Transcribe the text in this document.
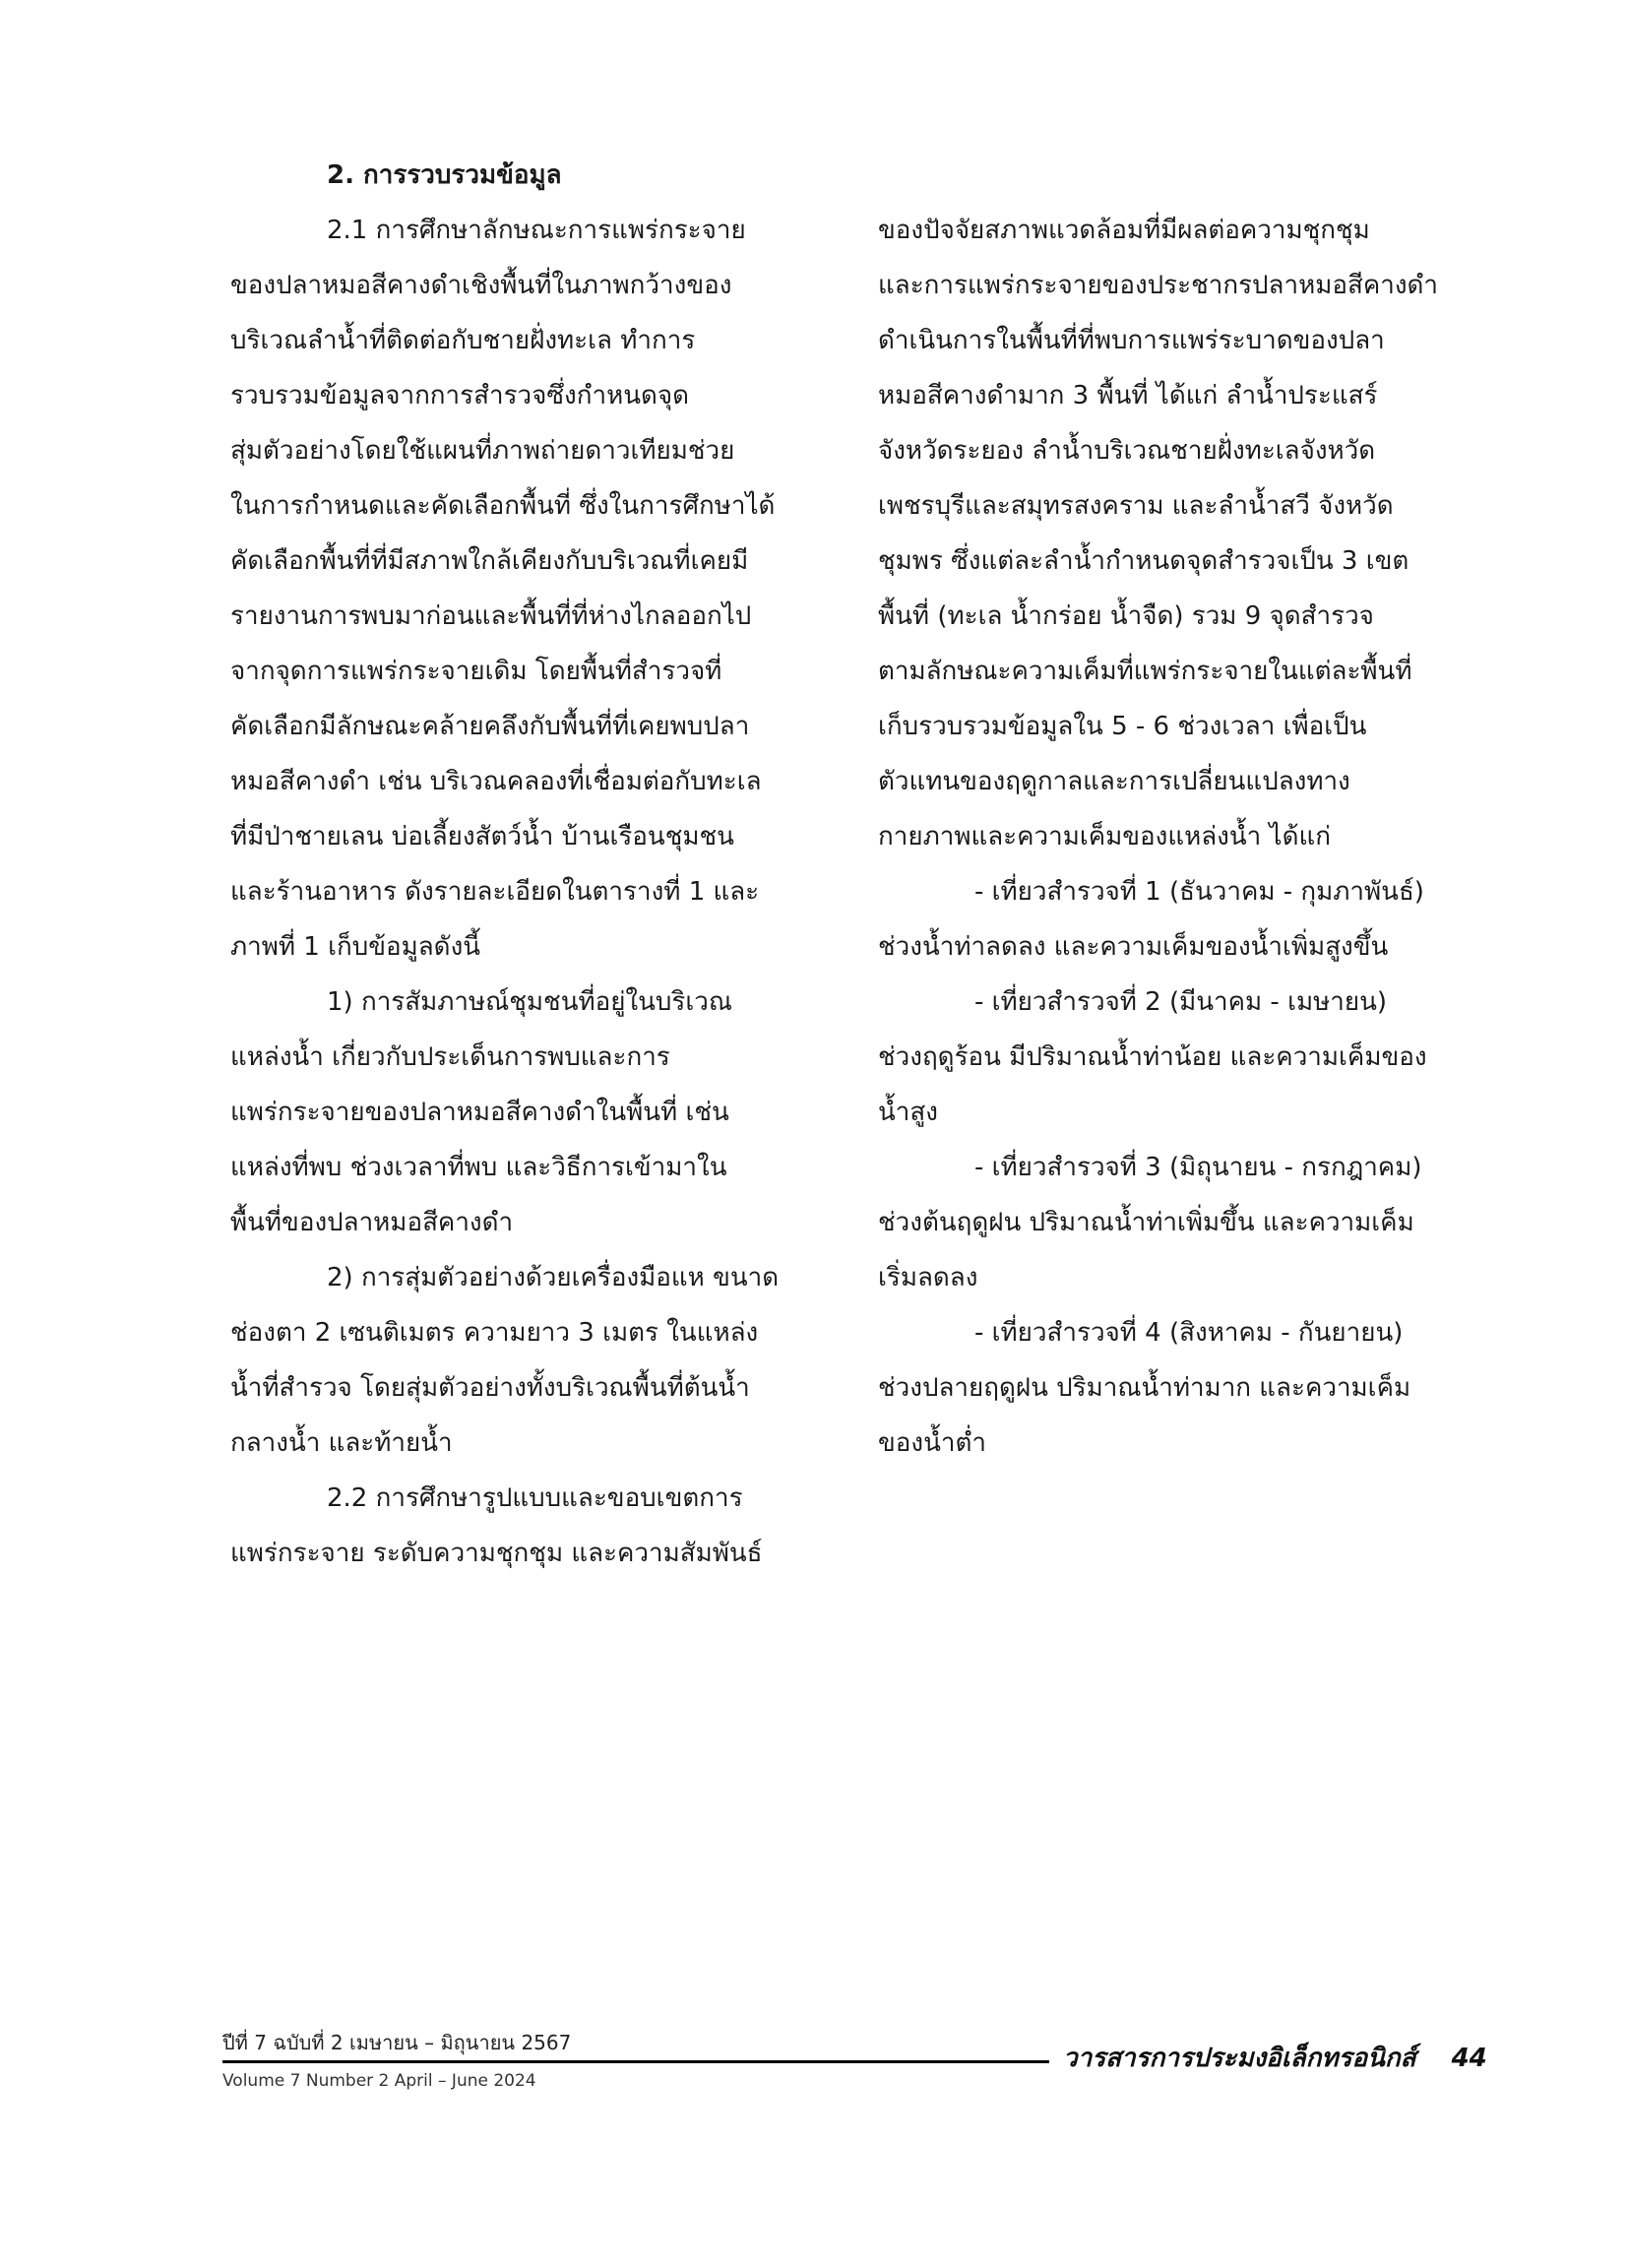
2. การรวบรวมข้อมูล
2.1 การศึกษาลักษณะการแพร่กระจาย
ของปลาหมอสีคางดำเชิงพื้นที่ในภาพกว้างของ
บริเวณลำน้ำที่ติดต่อกับชายฝั่งทะเล ทำการ
รวบรวมข้อมูลจากการสำรวจซึ่งกำหนดจุด
สุ่มตัวอย่างโดยใช้แผนที่ภาพถ่ายดาวเทียมช่วย
ในการกำหนดและคัดเลือกพื้นที่ ซึ่งในการศึกษาได้
คัดเลือกพื้นที่ที่มีสภาพใกล้เคียงกับบริเวณที่เคยมี
รายงานการพบมาก่อนและพื้นที่ที่ห่างไกลออกไป
จากจุดการแพร่กระจายเดิม โดยพื้นที่สำรวจที่
คัดเลือกมีลักษณะคล้ายคลึงกับพื้นที่ที่เคยพบปลา
หมอสีคางดำ เช่น บริเวณคลองที่เชื่อมต่อกับทะเล
ที่มีป่าชายเลน บ่อเลี้ยงสัตว์น้ำ บ้านเรือนชุมชน
และร้านอาหาร ดังรายละเอียดในตารางที่ 1 และ
ภาพที่ 1 เก็บข้อมูลดังนี้
1) การสัมภาษณ์ชุมชนที่อยู่ในบริเวณ
แหล่งน้ำ เกี่ยวกับประเด็นการพบและการ
แพร่กระจายของปลาหมอสีคางดำในพื้นที่ เช่น
แหล่งที่พบ ช่วงเวลาที่พบ และวิธีการเข้ามาใน
พื้นที่ของปลาหมอสีคางดำ
2) การสุ่มตัวอย่างด้วยเครื่องมือแห ขนาด
ช่องตา 2 เซนติเมตร ความยาว 3 เมตร ในแหล่ง
น้ำที่สำรวจ โดยสุ่มตัวอย่างทั้งบริเวณพื้นที่ต้นน้ำ
กลางน้ำ และท้ายน้ำ
2.2 การศึกษารูปแบบและขอบเขตการ
แพร่กระจาย ระดับความชุกชุม และความสัมพันธ์
ของปัจจัยสภาพแวดล้อมที่มีผลต่อความชุกชุม
และการแพร่กระจายของประชากรปลาหมอสีคางดำ
ดำเนินการในพื้นที่ที่พบการแพร่ระบาดของปลา
หมอสีคางดำมาก 3 พื้นที่ ได้แก่ ลำน้ำประแสร์
จังหวัดระยอง ลำน้ำบริเวณชายฝั่งทะเลจังหวัด
เพชรบุรีและสมุทรสงคราม และลำน้ำสวี จังหวัด
ชุมพร ซึ่งแต่ละลำน้ำกำหนดจุดสำรวจเป็น 3 เขต
พื้นที่ (ทะเล น้ำกร่อย น้ำจืด) รวม 9 จุดสำรวจ
ตามลักษณะความเค็มที่แพร่กระจายในแต่ละพื้นที่
เก็บรวบรวมข้อมูลใน 5 - 6 ช่วงเวลา เพื่อเป็น
ตัวแทนของฤดูกาลและการเปลี่ยนแปลงทาง
กายภาพและความเค็มของแหล่งน้ำ ได้แก่
- เที่ยวสำรวจที่ 1 (ธันวาคม - กุมภาพันธ์)
ช่วงน้ำท่าลดลง และความเค็มของน้ำเพิ่มสูงขึ้น
- เที่ยวสำรวจที่ 2 (มีนาคม - เมษายน)
ช่วงฤดูร้อน มีปริมาณน้ำท่าน้อย และความเค็มของ
น้ำสูง
- เที่ยวสำรวจที่ 3 (มิถุนายน - กรกฎาคม)
ช่วงต้นฤดูฝน ปริมาณน้ำท่าเพิ่มขึ้น และความเค็ม
เริ่มลดลง
- เที่ยวสำรวจที่ 4 (สิงหาคม - กันยายน)
ช่วงปลายฤดูฝน ปริมาณน้ำท่ามาก และความเค็ม
ของน้ำต่ำ
ปีที่ 7 ฉบับที่ 2 เมษายน – มิถุนายน 2567
Volume 7 Number 2 April – June 2024
วารสารการประมงอิเล็กทรอนิกส์ 44
